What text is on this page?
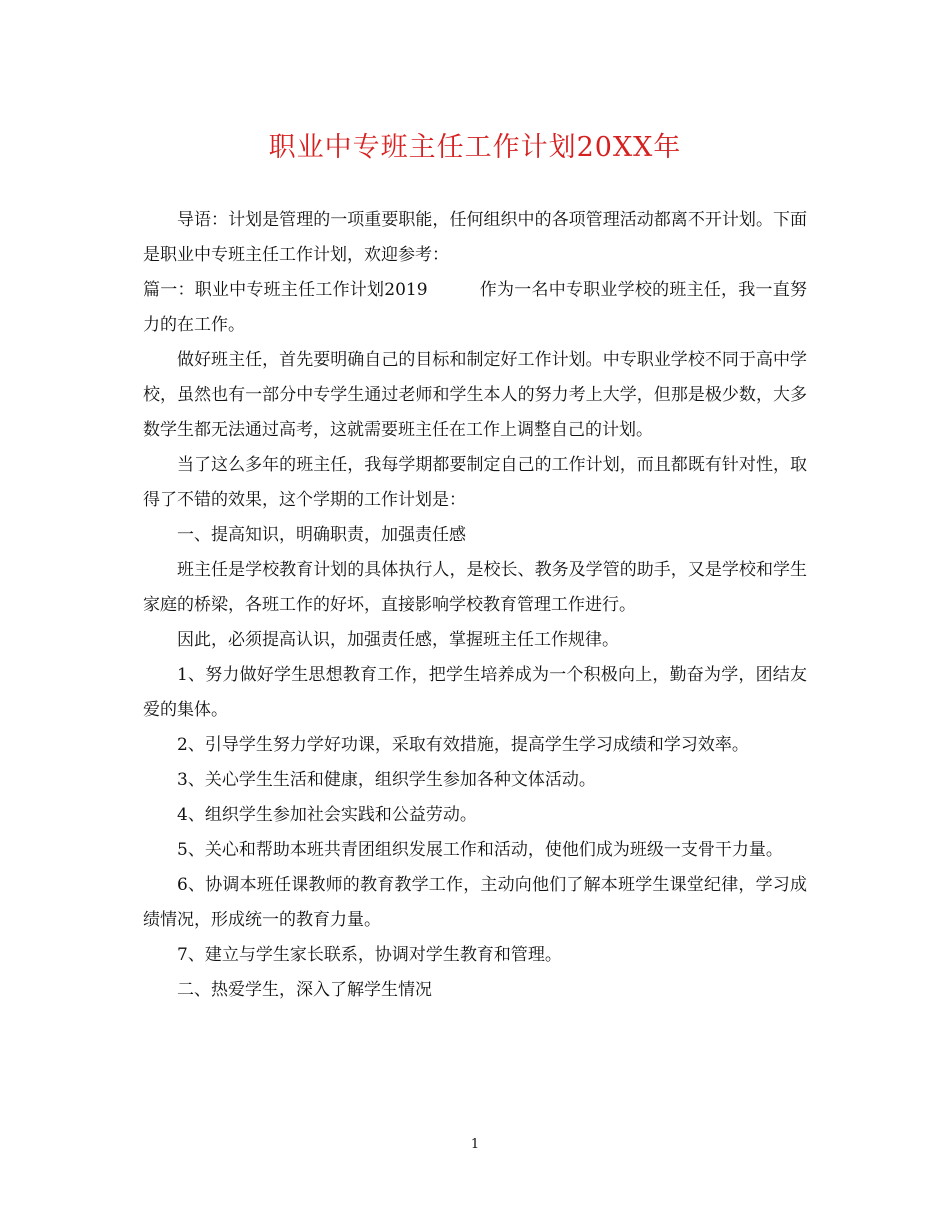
职业中专班主任工作计划20XX年

导语：计划是管理的一项重要职能，任何组织中的各项管理活动都离不开计划。下面是职业中专班主任工作计划，欢迎参考：

篇一：职业中专班主任工作计划2019	作为一名中专职业学校的班主任，我一直努力的在工作。

做好班主任，首先要明确自己的目标和制定好工作计划。中专职业学校不同于高中学校，虽然也有一部分中专学生通过老师和学生本人的努力考上大学，但那是极少数，大多数学生都无法通过高考，这就需要班主任在工作上调整自己的计划。

当了这么多年的班主任，我每学期都要制定自己的工作计划，而且都既有针对性，取得了不错的效果，这个学期的工作计划是：

一、提高知识，明确职责，加强责任感

班主任是学校教育计划的具体执行人，是校长、教务及学管的助手，又是学校和学生家庭的桥梁，各班工作的好坏，直接影响学校教育管理工作进行。

因此，必须提高认识，加强责任感，掌握班主任工作规律。

1、努力做好学生思想教育工作，把学生培养成为一个积极向上，勤奋为学，团结友爱的集体。

2、引导学生努力学好功课，采取有效措施，提高学生学习成绩和学习效率。

3、关心学生生活和健康，组织学生参加各种文体活动。

4、组织学生参加社会实践和公益劳动。

5、关心和帮助本班共青团组织发展工作和活动，使他们成为班级一支骨干力量。

6、协调本班任课教师的教育教学工作，主动向他们了解本班学生课堂纪律，学习成绩情况，形成统一的教育力量。

7、建立与学生家长联系，协调对学生教育和管理。

二、热爱学生，深入了解学生情况

1
